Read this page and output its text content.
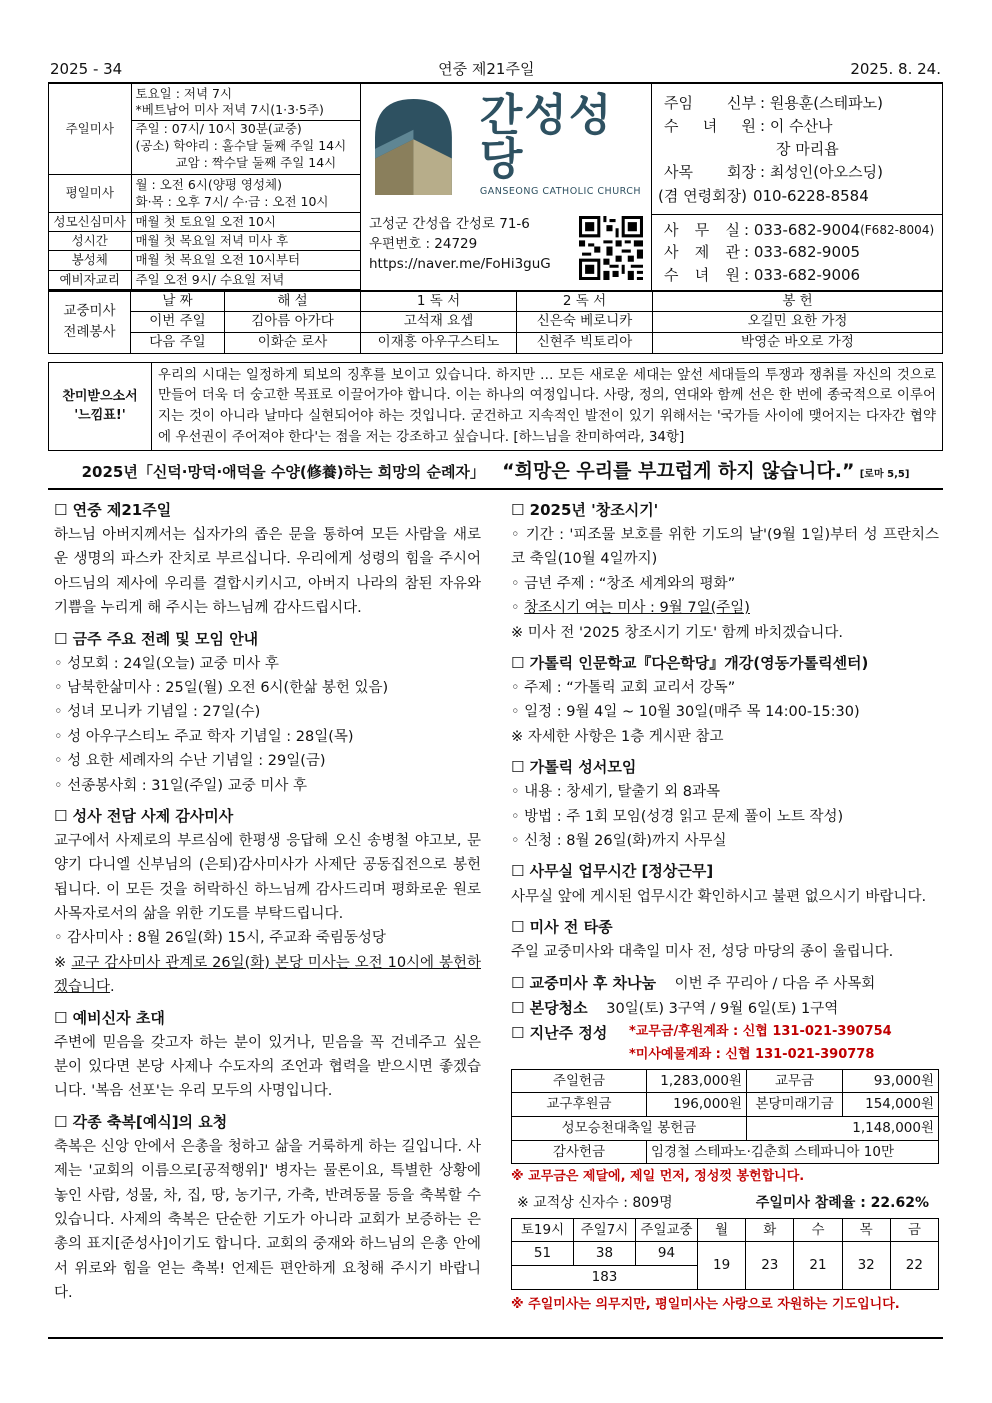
2025 - 34	연중 제21주일	2025. 8. 24.
주일미사	토요일 : 저녁 7시
*베트남어 미사 저녁 7시(1·3·5주)
주일 : 07시/ 10시 30분(교중)
(공소) 학야리 : 홀수달 둘째 주일 14시
교암 : 짝수달 둘째 주일 14시

평일미사	월 : 오전 6시(양평 영성체)
화·목 : 오후 7시/ 수·금 : 오전 10시

성모신심미사	매월 첫 토요일 오전 10시
성시간	매월 첫 목요일 저녁 미사 후
봉성체	매월 첫 목요일 오전 10시부터
예비자교리	주일 오전 9시/ 수요일 저녁
간성성당
GANSEONG CATHOLIC CHURCH
고성군 간성읍 간성로 71-6
우편번호 : 24729
https://naver.me/FoHi3guG
주임 신부 : 원용훈(스테파노)
수 녀 원 : 이 수산나
장 마리욥
사목 회장 : 최성인(아오스딩)
(겸 연령회장) 010-6228-8584
사 무 실 : 033-682-9004 (F682-8004)
사 제 관 : 033-682-9005
수 녀 원 : 033-682-9006
교중미사
전례봉사	날 짜	해 설	1 독 서	2 독 서	봉 헌
	이번 주일	김아름 아가다	고석재 요셉	신은숙 베로니카	오길민 요한 가정
	다음 주일	이화순 로사	이재흥 아우구스티노	신현주 빅토리아	박영순 바오로 가정
찬미받으소서
'느낌표!'
우리의 시대는 일정하게 퇴보의 징후를 보이고 있습니다. 하지만 … 모든 새로운 세대는 앞선 세대들의 투쟁과 쟁취를 자신의 것으로 만들어 더욱 더 숭고한 목표로 이끌어가야 합니다. 이는 하나의 여정입니다. 사랑, 정의, 연대와 함께 선은 한 번에 종국적으로 이루어지는 것이 아니라 날마다 실현되어야 하는 것입니다. 굳건하고 지속적인 발전이 있기 위해서는 '국가들 사이에 맺어지는 다자간 협약에 우선권이 주어져야 한다'는 점을 저는 강조하고 싶습니다. [하느님을 찬미하여라, 34항]
2025년「신덕·망덕·애덕을 수양(修養)하는 희망의 순례자」 “희망은 우리를 부끄럽게 하지 않습니다.” [로마 5,5]
☐ 연중 제21주일
하느님 아버지께서는 십자가의 좁은 문을 통하여 모든 사람을 새로운 생명의 파스카 잔치로 부르십니다. 우리에게 성령의 힘을 주시어 아드님의 제사에 우리를 결합시키시고, 아버지 나라의 참된 자유와 기쁨을 누리게 해 주시는 하느님께 감사드립시다.
☐ 금주 주요 전례 및 모임 안내
◦ 성모회 : 24일(오늘) 교중 미사 후
◦ 남북한삶미사 : 25일(월) 오전 6시(한삶 봉헌 있음)
◦ 성녀 모니카 기념일 : 27일(수)
◦ 성 아우구스티노 주교 학자 기념일 : 28일(목)
◦ 성 요한 세례자의 수난 기념일 : 29일(금)
◦ 선종봉사회 : 31일(주일) 교중 미사 후
☐ 성사 전담 사제 감사미사
교구에서 사제로의 부르심에 한평생 응답해 오신 송병철 야고보, 문양기 다니엘 신부님의 (은퇴)감사미사가 사제단 공동집전으로 봉헌됩니다. 이 모든 것을 허락하신 하느님께 감사드리며 평화로운 원로사목자로서의 삶을 위한 기도를 부탁드립니다.
◦ 감사미사 : 8월 26일(화) 15시, 주교좌 죽림동성당
※ 교구 감사미사 관계로 26일(화) 본당 미사는 오전 10시에 봉헌하겠습니다.
☐ 예비신자 초대
주변에 믿음을 갖고자 하는 분이 있거나, 믿음을 꼭 건네주고 싶은 분이 있다면 본당 사제나 수도자의 조언과 협력을 받으시면 좋겠습니다. '복음 선포'는 우리 모두의 사명입니다.
☐ 각종 축복[예식]의 요청
축복은 신앙 안에서 은총을 청하고 삶을 거룩하게 하는 길입니다. 사제는 '교회의 이름으로[공적행위]' 병자는 물론이요, 특별한 상황에 놓인 사람, 성물, 차, 집, 땅, 농기구, 가축, 반려동물 등을 축복할 수 있습니다. 사제의 축복은 단순한 기도가 아니라 교회가 보증하는 은총의 표지[준성사]이기도 합니다. 교회의 중재와 하느님의 은총 안에서 위로와 힘을 얻는 축복! 언제든 편안하게 요청해 주시기 바랍니다.
☐ 2025년 '창조시기'
◦ 기간 : '피조물 보호를 위한 기도의 날'(9월 1일)부터 성 프란치스코 축일(10월 4일까지)
◦ 금년 주제 : “창조 세계와의 평화”
◦ 창조시기 여는 미사 : 9월 7일(주일)
※ 미사 전 '2025 창조시기 기도' 함께 바치겠습니다.
☐ 가톨릭 인문학교『다은학당』개강(영동가톨릭센터)
◦ 주제 : “가톨릭 교회 교리서 강독”
◦ 일정 : 9월 4일 ~ 10월 30일(매주 목 14:00-15:30)
※ 자세한 사항은 1층 게시판 참고
☐ 가톨릭 성서모임
◦ 내용 : 창세기, 탈출기 외 8과목
◦ 방법 : 주 1회 모임(성경 읽고 문제 풀이 노트 작성)
◦ 신청 : 8월 26일(화)까지 사무실
☐ 사무실 업무시간 [정상근무]
사무실 앞에 게시된 업무시간 확인하시고 불편 없으시기 바랍니다.
☐ 미사 전 타종
주일 교중미사와 대축일 미사 전, 성당 마당의 종이 울립니다.
☐ 교중미사 후 차나눔 이번 주 꾸리아 / 다음 주 사목회
☐ 본당청소 30일(토) 3구역 / 9월 6일(토) 1구역
☐ 지난주 정성	*교무금/후원계좌 : 신협 131-021-390754
*미사예물계좌 : 신협 131-021-390778
주일헌금	1,283,000원	교무금	93,000원
교구후원금	196,000원	본당미래기금	154,000원
성모승천대축일 봉헌금		1,148,000원	
감사헌금	임경철 스테파노·김춘희 스테파니아 10만		
※ 교무금은 제달에, 제일 먼저, 정성껏 봉헌합니다.
※ 교적상 신자수 : 809명	주일미사 참례율 : 22.62%
토19시	주일7시	주일교중	월	화	수	목	금
51	38	94	19	23	21	32	22
183							
※ 주일미사는 의무지만, 평일미사는 사랑으로 자원하는 기도입니다.
